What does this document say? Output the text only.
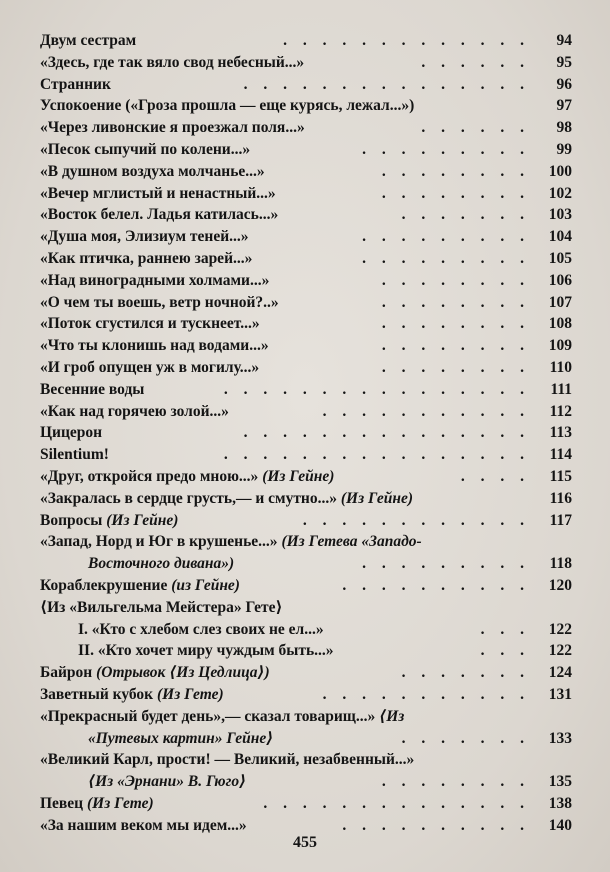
Двум сестрам	. . . . . . . . . . . . .	94
«Здесь, где так вяло свод небесный...»	. . . . . .	95
Странник	. . . . . . . . . . . . . . .	96
Успокоение («Гроза прошла — еще курясь, лежал...»)	97
«Через ливонские я проезжал поля...»	. . . . . .	98
«Песок сыпучий по колени...»	. . . . . . . . .	99
«В душном воздуха молчанье...»	. . . . . . . .	100
«Вечер мглистый и ненастный...»	. . . . . . . .	102
«Восток белел. Ладья катилась...»	. . . . . . .	103
«Душа моя, Элизиум теней...»	. . . . . . . . .	104
«Как птичка, раннею зарей...»	. . . . . . . . .	105
«Над виноградными холмами...»	. . . . . . . .	106
«О чем ты воешь, ветр ночной?..»	. . . . . . . .	107
«Поток сгустился и тускнеет...»	. . . . . . . .	108
«Что ты клонишь над водами...»	. . . . . . . .	109
«И гроб опущен уж в могилу...»	. . . . . . . .	110
Весенние воды	. . . . . . . . . . . . . . . .	111
«Как над горячею золой...»	. . . . . . . . . . .	112
Цицерон	. . . . . . . . . . . . . . .	113
Silentium!	. . . . . . . . . . . . . . . .	114
«Друг, откройся предо мною...» (Из Гейне)	. . . .	115
«Закралась в сердце грусть,— и смутно...» (Из Гейне)	116
Вопросы (Из Гейне)	. . . . . . . . . . . .	117
«Запад, Норд и Юг в крушенье...» (Из Гетева «Западо-
Восточного дивана»)	. . . . . . . . .	118
Кораблекрушение (из Гейне)	. . . . . . . . . .	120
⟨Из «Вильгельма Мейстера» Гете⟩
I. «Кто с хлебом слез своих не ел...»	. . .	122
II. «Кто хочет миру чуждым быть...»	. . .	122
Байрон (Отрывок ⟨Из Цедлица⟩)	. . . . . . .	124
Заветный кубок (Из Гете)	. . . . . . . . . . .	131
«Прекрасный будет день»,— сказал товарищ...» ⟨Из
«Путевых картин» Гейне⟩	. . . . . . .	133
«Великий Карл, прости! — Великий, незабвенный...»
⟨Из «Эрнани» В. Гюго⟩	. . . . . . . .	135
Певец (Из Гете)	. . . . . . . . . . . . . .	138
«За нашим веком мы идем...»	. . . . . . . . . .	140
455
